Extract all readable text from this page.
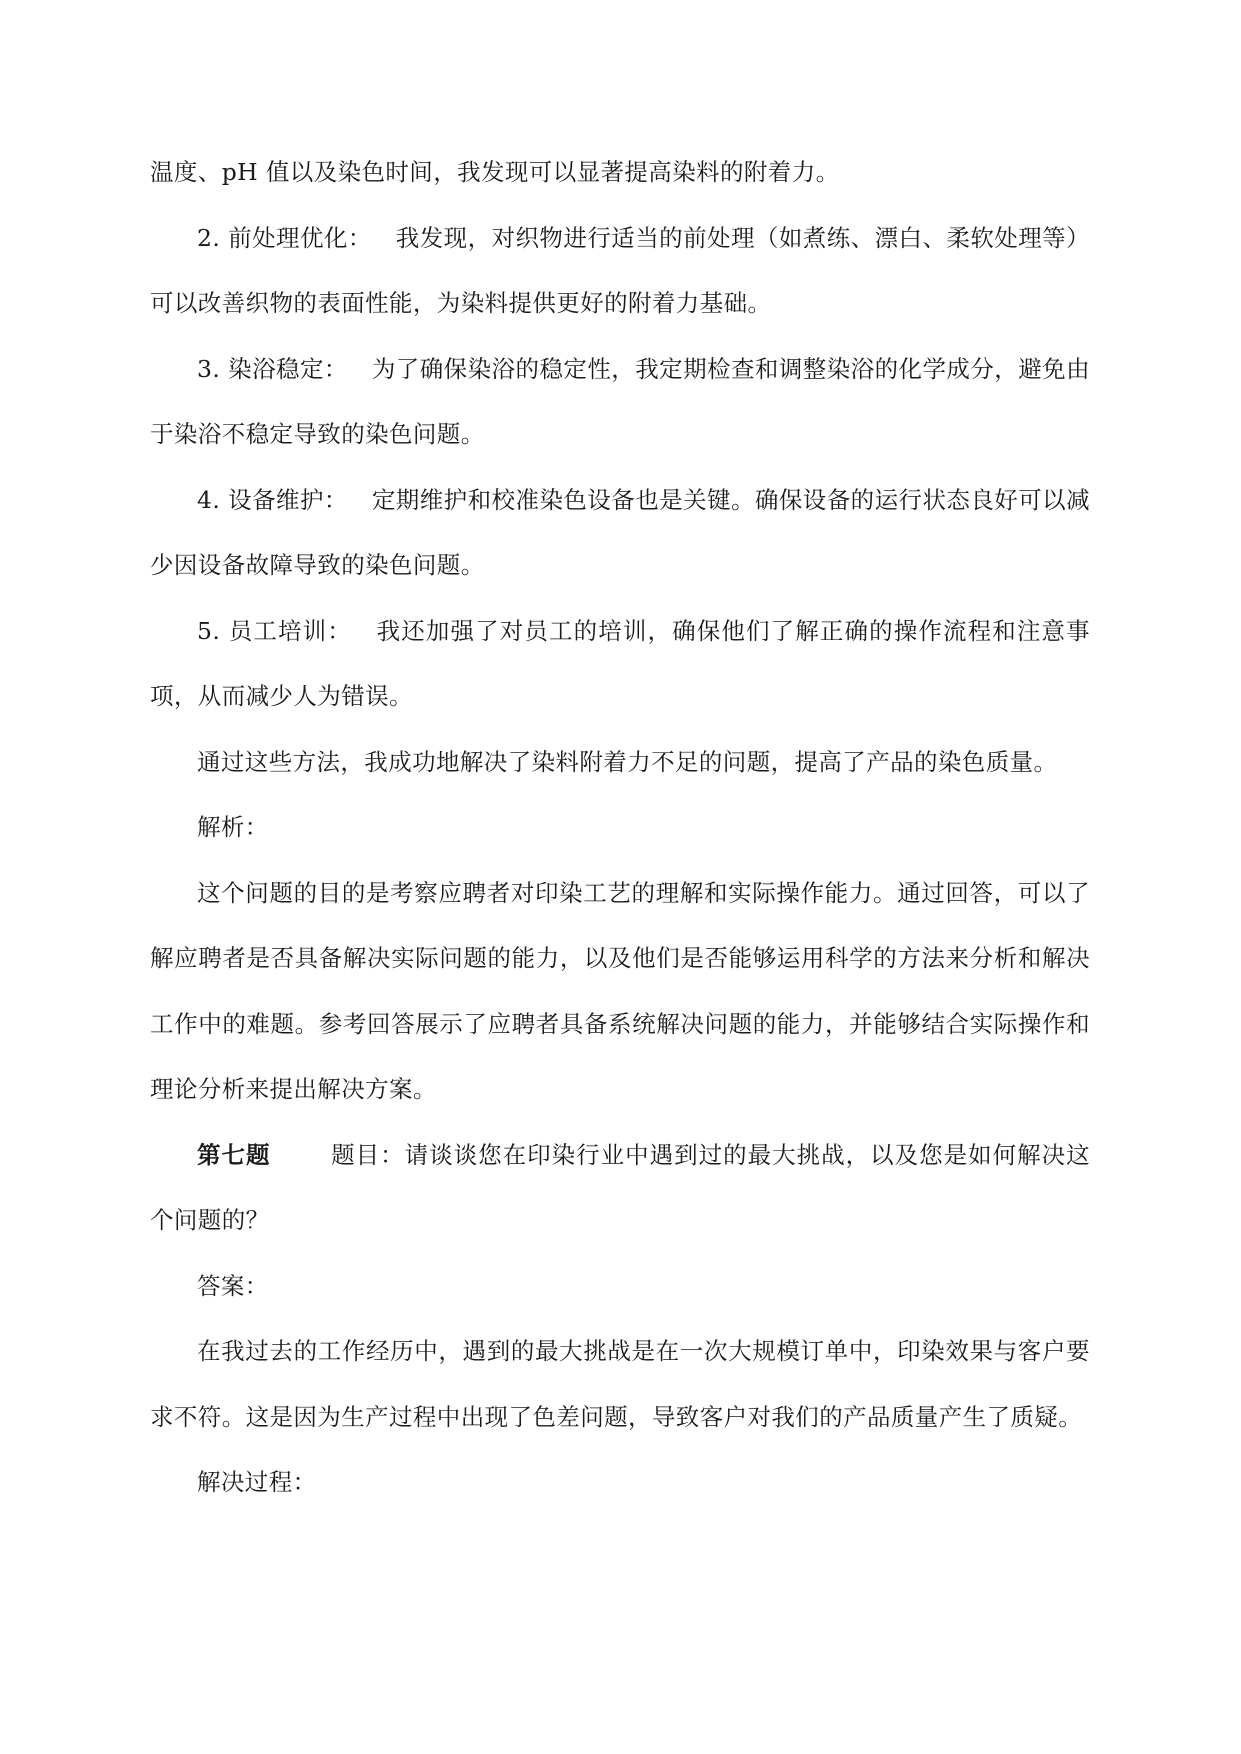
温度、pH 值以及染色时间，我发现可以显著提高染料的附着力。

2. 前处理优化： 我发现，对织物进行适当的前处理（如煮练、漂白、柔软处理等）可以改善织物的表面性能，为染料提供更好的附着力基础。

3. 染浴稳定： 为了确保染浴的稳定性，我定期检查和调整染浴的化学成分，避免由于染浴不稳定导致的染色问题。

4. 设备维护： 定期维护和校准染色设备也是关键。确保设备的运行状态良好可以减少因设备故障导致的染色问题。

5. 员工培训： 我还加强了对员工的培训，确保他们了解正确的操作流程和注意事项，从而减少人为错误。

通过这些方法，我成功地解决了染料附着力不足的问题，提高了产品的染色质量。

解析：

这个问题的目的是考察应聘者对印染工艺的理解和实际操作能力。通过回答，可以了解应聘者是否具备解决实际问题的能力，以及他们是否能够运用科学的方法来分析和解决工作中的难题。参考回答展示了应聘者具备系统解决问题的能力，并能够结合实际操作和理论分析来提出解决方案。

第七题	题目：请谈谈您在印染行业中遇到过的最大挑战，以及您是如何解决这个问题的？

答案：

在我过去的工作经历中，遇到的最大挑战是在一次大规模订单中，印染效果与客户要求不符。这是因为生产过程中出现了色差问题，导致客户对我们的产品质量产生了质疑。

解决过程：
